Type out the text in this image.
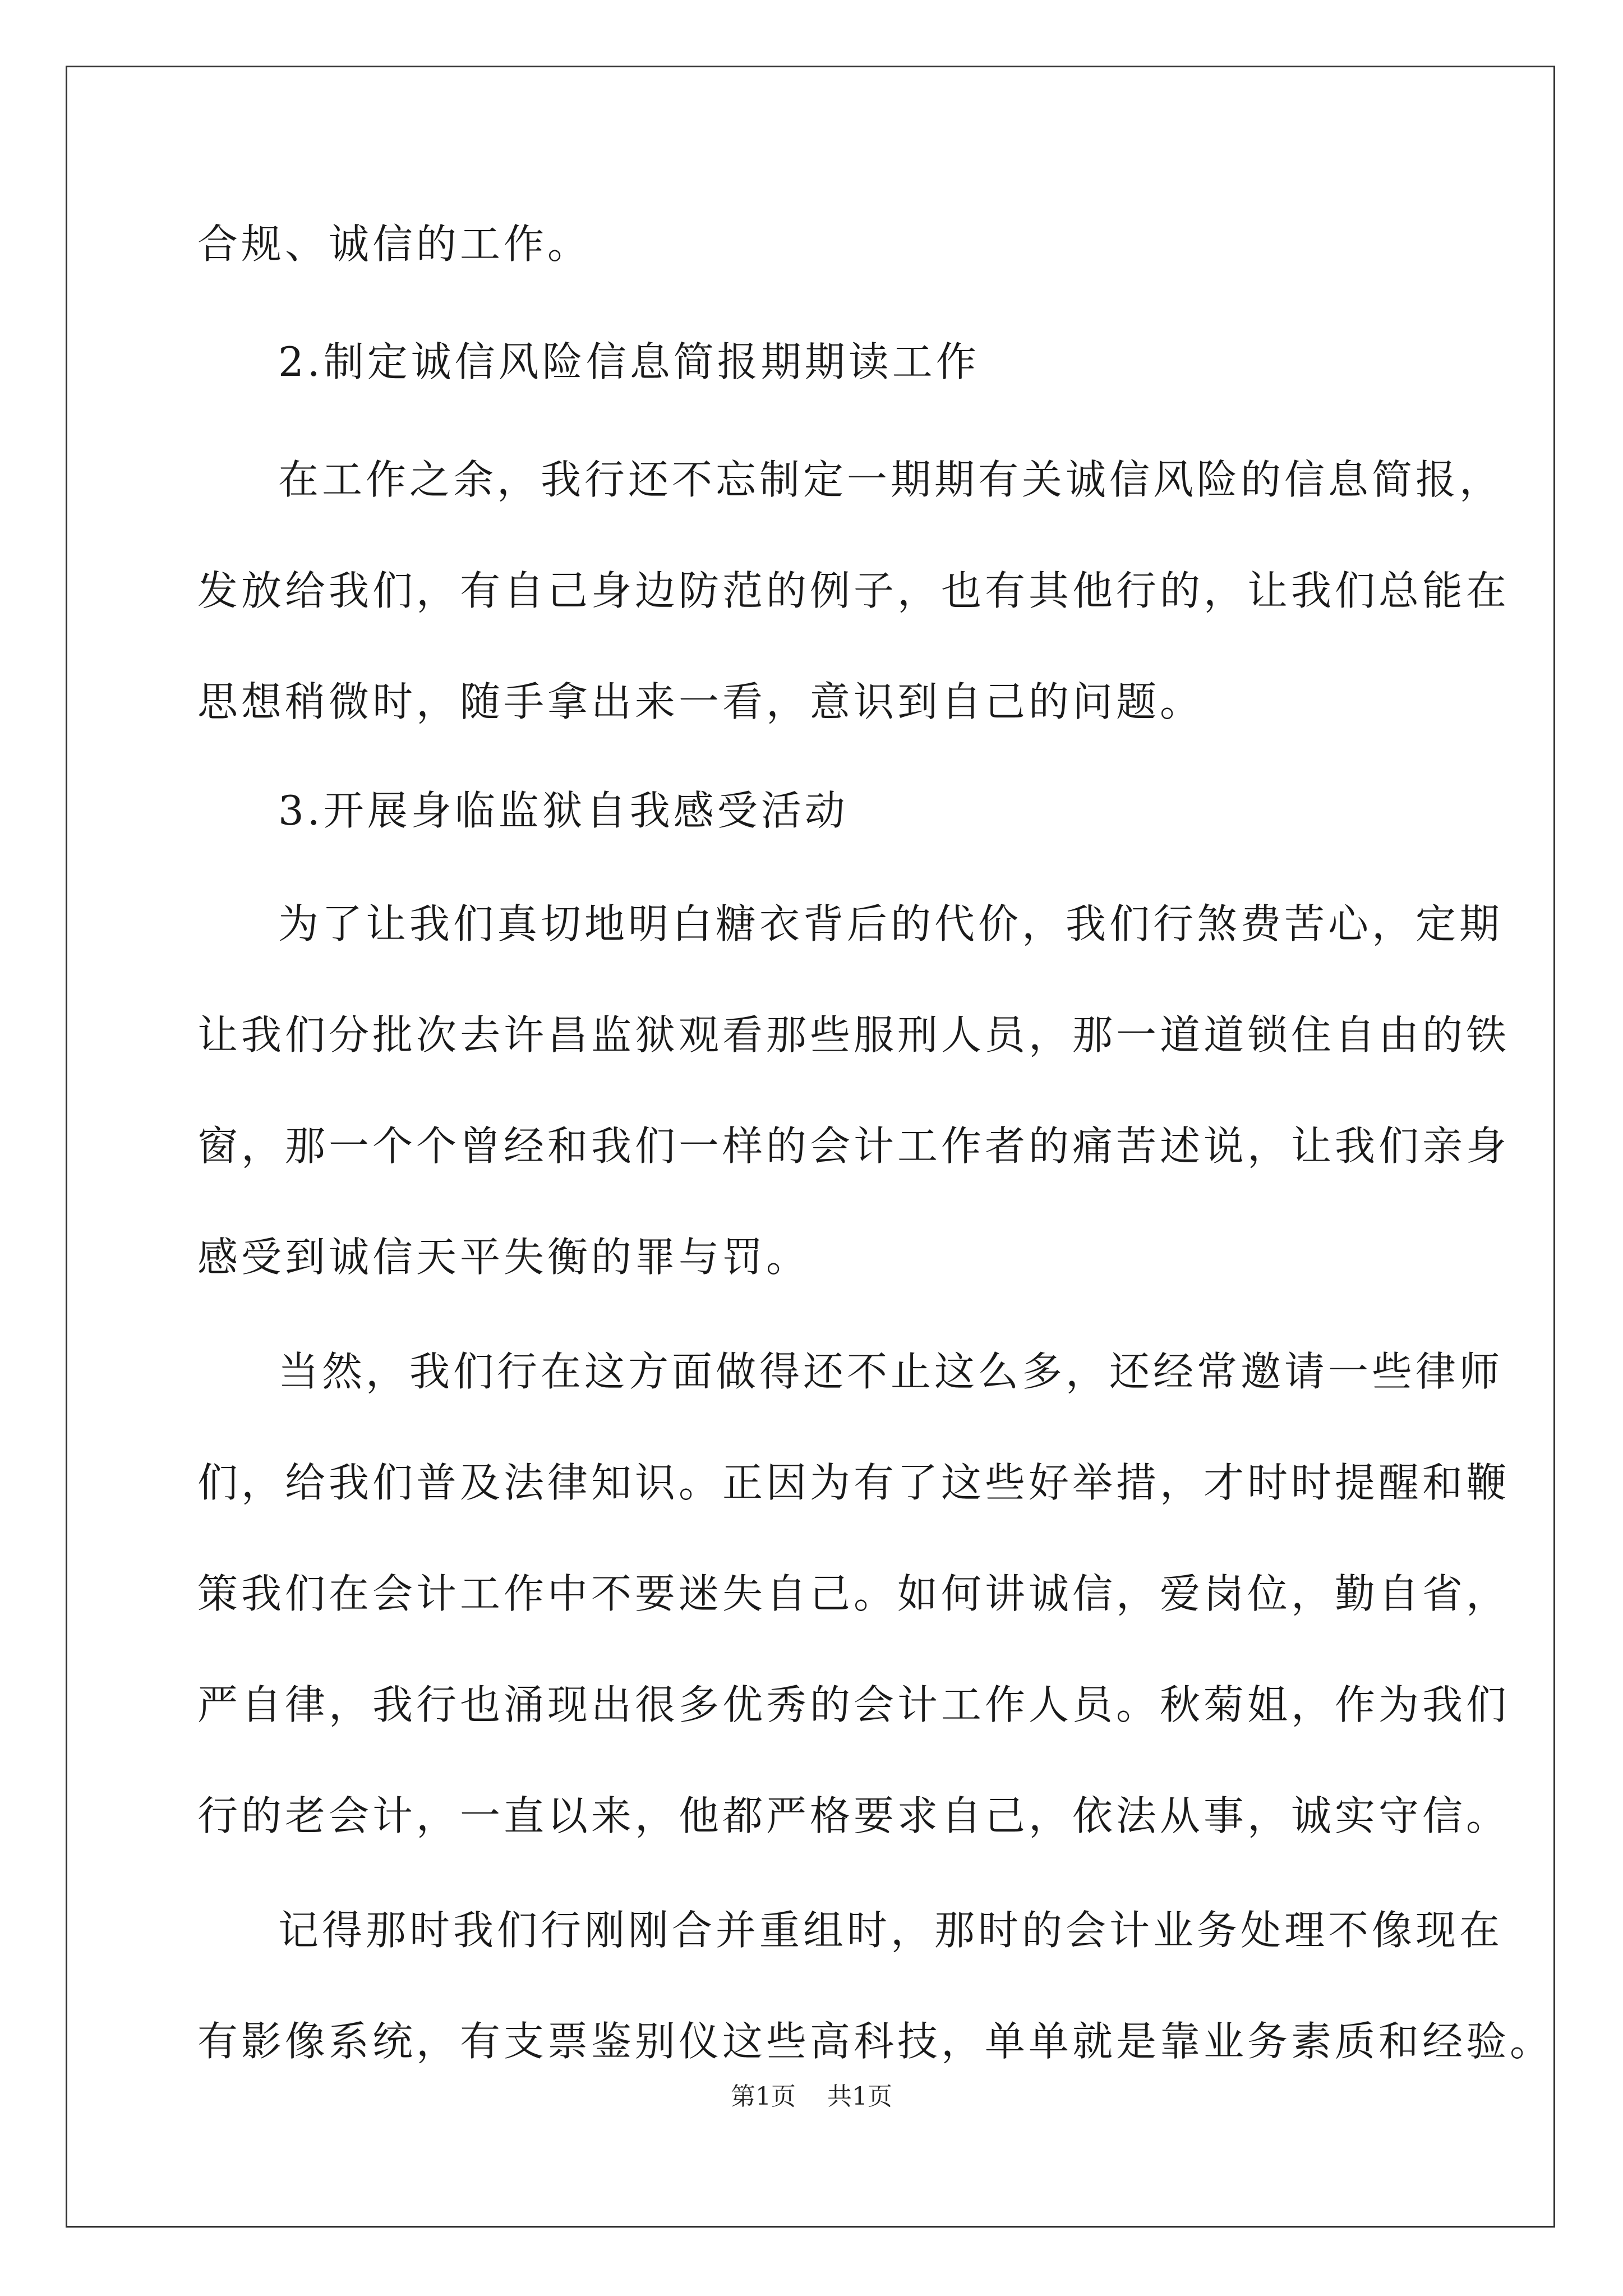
合规、诚信的工作。
2.制定诚信风险信息简报期期读工作
在工作之余，我行还不忘制定一期期有关诚信风险的信息简报，
发放给我们，有自己身边防范的例子，也有其他行的，让我们总能在
思想稍微时，随手拿出来一看，意识到自己的问题。
3.开展身临监狱自我感受活动
为了让我们真切地明白糖衣背后的代价，我们行煞费苦心，定期
让我们分批次去许昌监狱观看那些服刑人员，那一道道锁住自由的铁
窗，那一个个曾经和我们一样的会计工作者的痛苦述说，让我们亲身
感受到诚信天平失衡的罪与罚。
当然，我们行在这方面做得还不止这么多，还经常邀请一些律师
们，给我们普及法律知识。正因为有了这些好举措，才时时提醒和鞭
策我们在会计工作中不要迷失自己。如何讲诚信，爱岗位，勤自省，
严自律，我行也涌现出很多优秀的会计工作人员。秋菊姐，作为我们
行的老会计，一直以来，他都严格要求自己，依法从事，诚实守信。
记得那时我们行刚刚合并重组时，那时的会计业务处理不像现在
有影像系统，有支票鉴别仪这些高科技，单单就是靠业务素质和经验。
第1页 共1页
